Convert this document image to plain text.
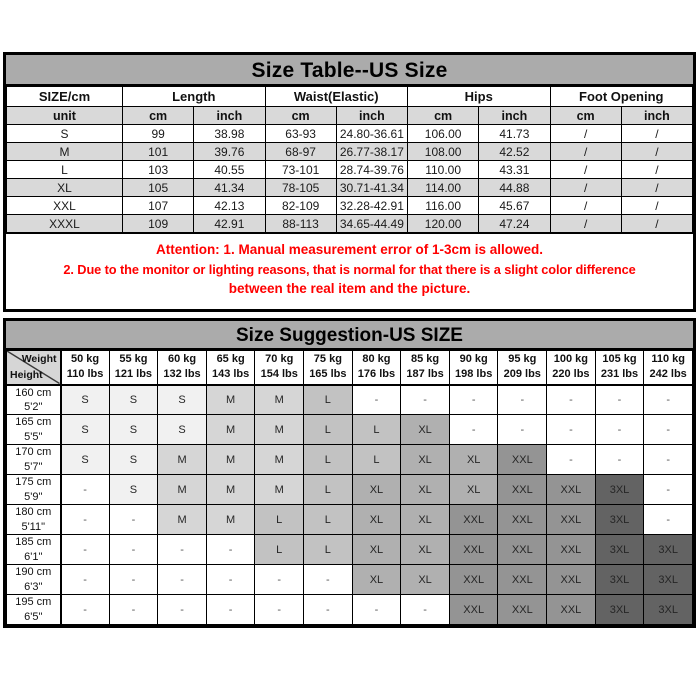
Size Table--US Size
SIZE/cm	Length		Waist(Elastic)		Hips		Foot Opening	
unit	cm	inch	cm	inch	cm	inch	cm	inch
S	99	38.98	63-93	24.80-36.61	106.00	41.73	/	/
M	101	39.76	68-97	26.77-38.17	108.00	42.52	/	/
L	103	40.55	73-101	28.74-39.76	110.00	43.31	/	/
XL	105	41.34	78-105	30.71-41.34	114.00	44.88	/	/
XXL	107	42.13	82-109	32.28-42.91	116.00	45.67	/	/
XXXL	109	42.91	88-113	34.65-44.49	120.00	47.24	/	/
Attention: 1. Manual measurement error of 1-3cm is allowed.
2. Due to the monitor or lighting reasons, that is normal for that there is a slight color difference
between the real item and the picture.
Size Suggestion-US SIZE
Weight
Height	50 kg
110 lbs	55 kg
121 lbs	60 kg
132 lbs	65 kg
143 lbs	70 kg
154 lbs	75 kg
165 lbs	80 kg
176 lbs	85 kg
187 lbs	90 kg
198 lbs	95 kg
209 lbs	100 kg
220 lbs	105 kg
231 lbs	110 kg
242 lbs

160 cm
5'2"	S	S	S	M	M	L	-	-	-	-	-	-	-

165 cm
5'5"	S	S	S	M	M	L	L	XL	-	-	-	-	-

170 cm
5'7"	S	S	M	M	M	L	L	XL	XL	XXL	-	-	-

175 cm
5'9"	-	S	M	M	M	L	XL	XL	XL	XXL	XXL	3XL	-

180 cm
5'11"	-	-	M	M	L	L	XL	XL	XXL	XXL	XXL	3XL	-

185 cm
6'1"	-	-	-	-	L	L	XL	XL	XXL	XXL	XXL	3XL	3XL

190 cm
6'3"	-	-	-	-	-	-	XL	XL	XXL	XXL	XXL	3XL	3XL

195 cm
6'5"	-	-	-	-	-	-	-	-	XXL	XXL	XXL	3XL	3XL
